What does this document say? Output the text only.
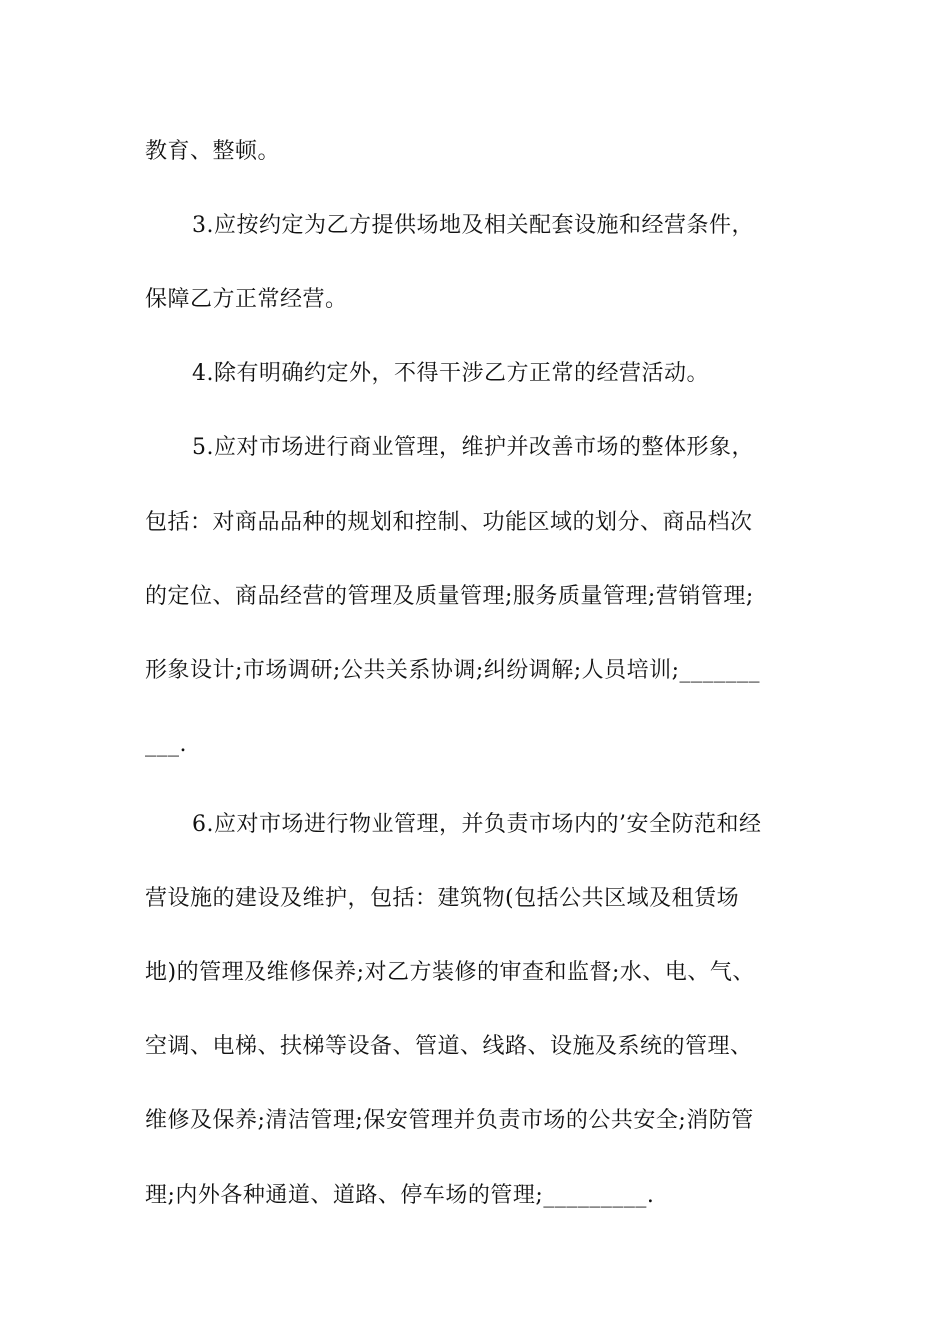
教育、整顿。

3.应按约定为乙方提供场地及相关配套设施和经营条件，

保障乙方正常经营。

4.除有明确约定外，不得干涉乙方正常的经营活动。

5.应对市场进行商业管理，维护并改善市场的整体形象，

包括：对商品品种的规划和控制、功能区域的划分、商品档次

的定位、商品经营的管理及质量管理;服务质量管理;营销管理;

形象设计;市场调研;公共关系协调;纠纷调解;人员培训;_______

___.

6.应对市场进行物业管理，并负责市场内的’安全防范和经

营设施的建设及维护，包括：建筑物(包括公共区域及租赁场

地)的管理及维修保养;对乙方装修的审查和监督;水、电、气、

空调、电梯、扶梯等设备、管道、线路、设施及系统的管理、

维修及保养;清洁管理;保安管理并负责市场的公共安全;消防管

理;内外各种通道、道路、停车场的管理;_________.
